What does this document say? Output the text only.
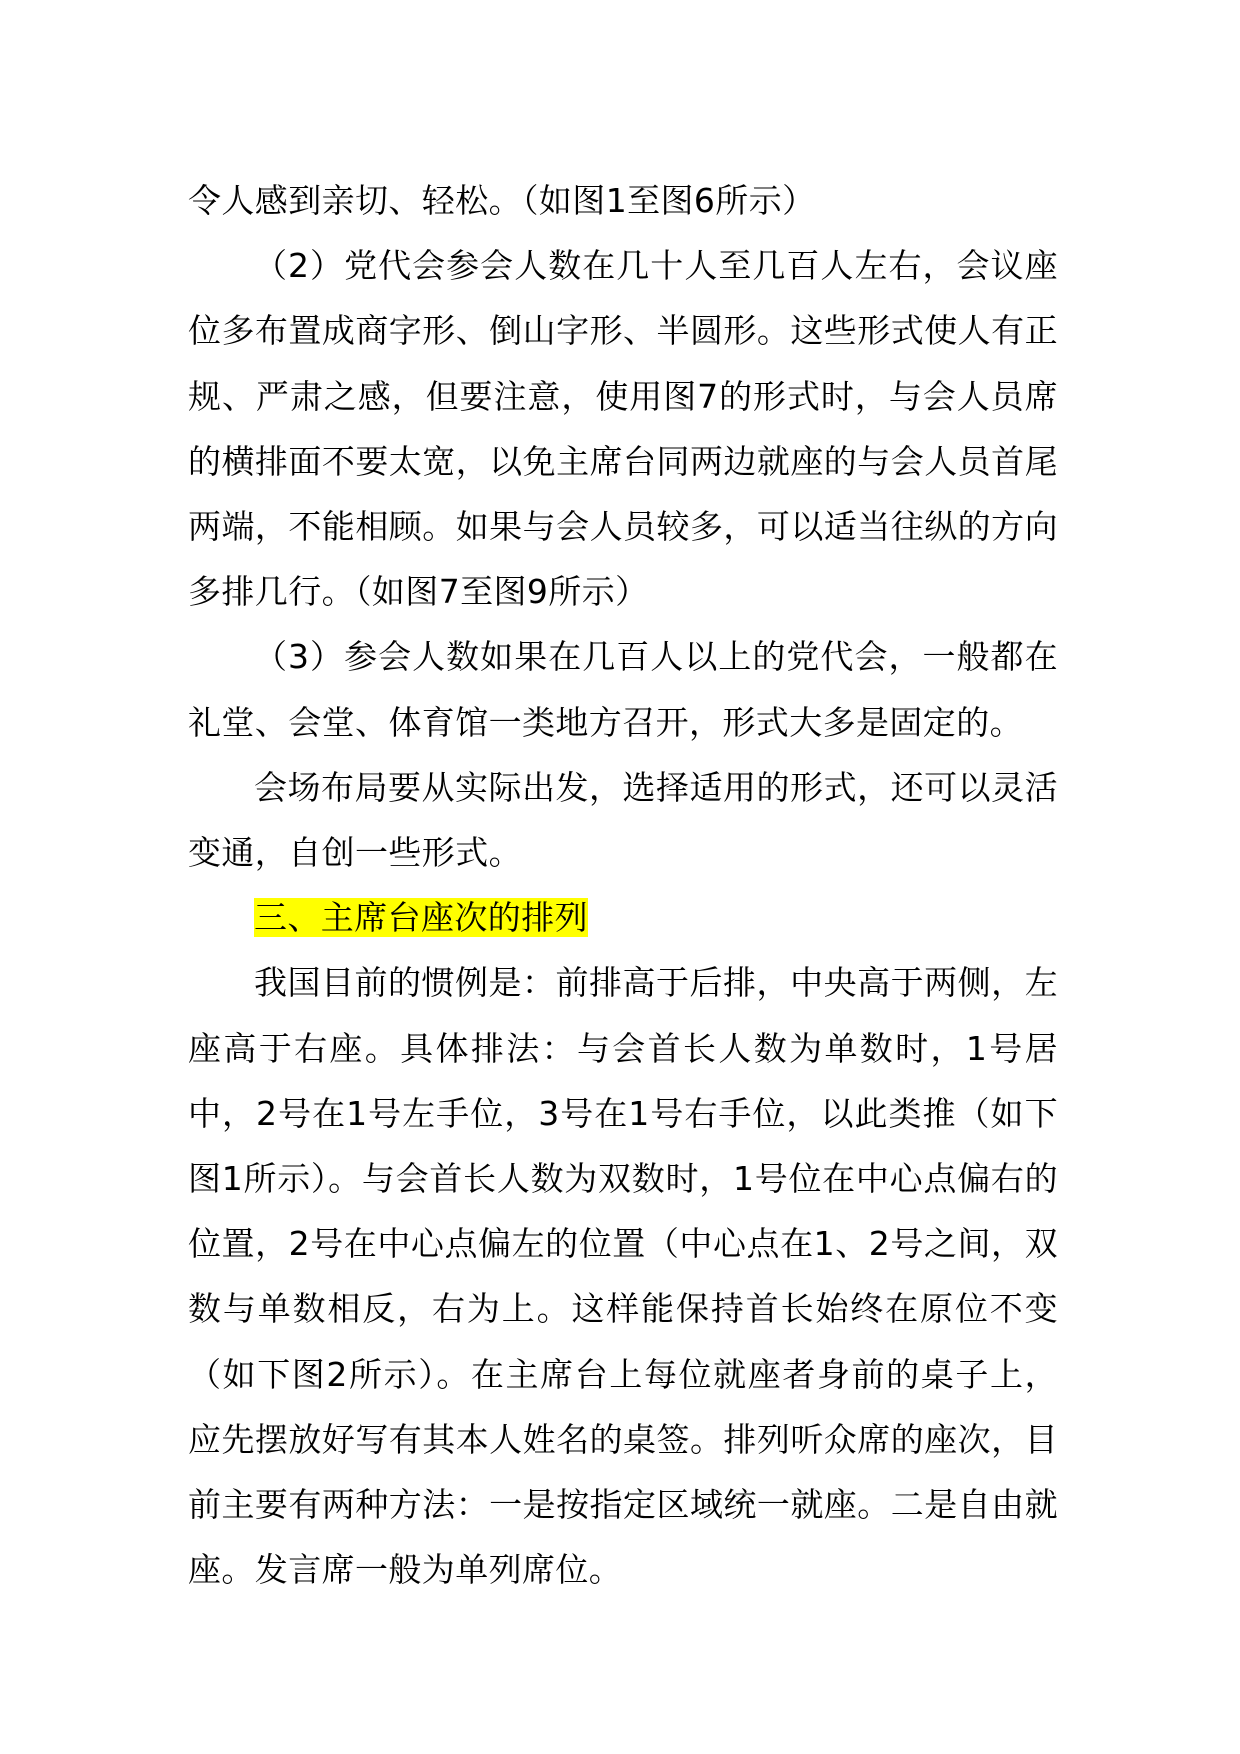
令人感到亲切、轻松。（如图1至图6所示）

（2）党代会参会人数在几十人至几百人左右，会议座位多布置成商字形、倒山字形、半圆形。这些形式使人有正规、严肃之感，但要注意，使用图7的形式时，与会人员席的横排面不要太宽，以免主席台同两边就座的与会人员首尾两端，不能相顾。如果与会人员较多，可以适当往纵的方向多排几行。（如图7至图9所示）

（3）参会人数如果在几百人以上的党代会，一般都在礼堂、会堂、体育馆一类地方召开，形式大多是固定的。

会场布局要从实际出发，选择适用的形式，还可以灵活变通，自创一些形式。

三、主席台座次的排列

我国目前的惯例是：前排高于后排，中央高于两侧，左座高于右座。具体排法：与会首长人数为单数时，1号居中，2号在1号左手位，3号在1号右手位，以此类推（如下图1所示）。与会首长人数为双数时，1号位在中心点偏右的位置，2号在中心点偏左的位置（中心点在1、2号之间，双数与单数相反，右为上。这样能保持首长始终在原位不变（如下图2所示）。在主席台上每位就座者身前的桌子上，应先摆放好写有其本人姓名的桌签。排列听众席的座次，目前主要有两种方法：一是按指定区域统一就座。二是自由就座。发言席一般为单列席位。
